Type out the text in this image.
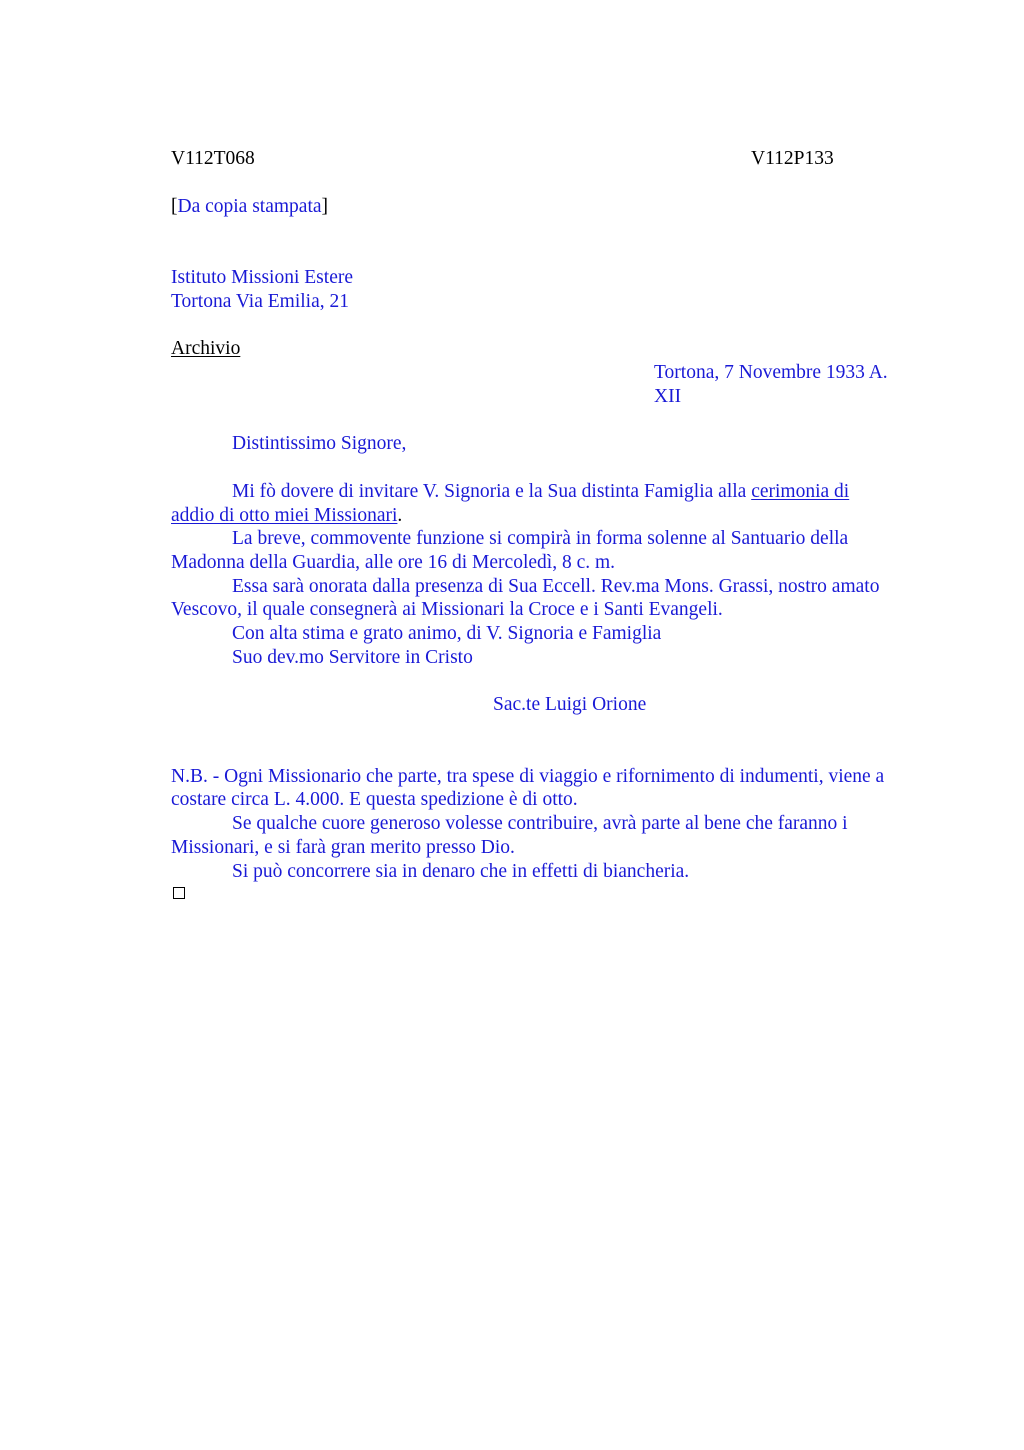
V112T068	V112P133
[Da copia stampata]
Istituto Missioni Estere
Tortona Via Emilia, 21
Archivio
Tortona, 7 Novembre 1933 A.
XII
Distintissimo Signore,
Mi fò dovere di invitare V. Signoria e la Sua distinta Famiglia alla cerimonia di
addio di otto miei Missionari.
La breve, commovente funzione si compirà in forma solenne al Santuario della
Madonna della Guardia, alle ore 16 di Mercoledì, 8 c. m.
Essa sarà onorata dalla presenza di Sua Eccell. Rev.ma Mons. Grassi, nostro amato
Vescovo, il quale consegnerà ai Missionari la Croce e i Santi Evangeli.
Con alta stima e grato animo, di V. Signoria e Famiglia
Suo dev.mo Servitore in Cristo
Sac.te Luigi Orione
N.B. - Ogni Missionario che parte, tra spese di viaggio e rifornimento di indumenti, viene a
costare circa L. 4.000. E questa spedizione è di otto.
Se qualche cuore generoso volesse contribuire, avrà parte al bene che faranno i
Missionari, e si farà gran merito presso Dio.
Si può concorrere sia in denaro che in effetti di biancheria.
